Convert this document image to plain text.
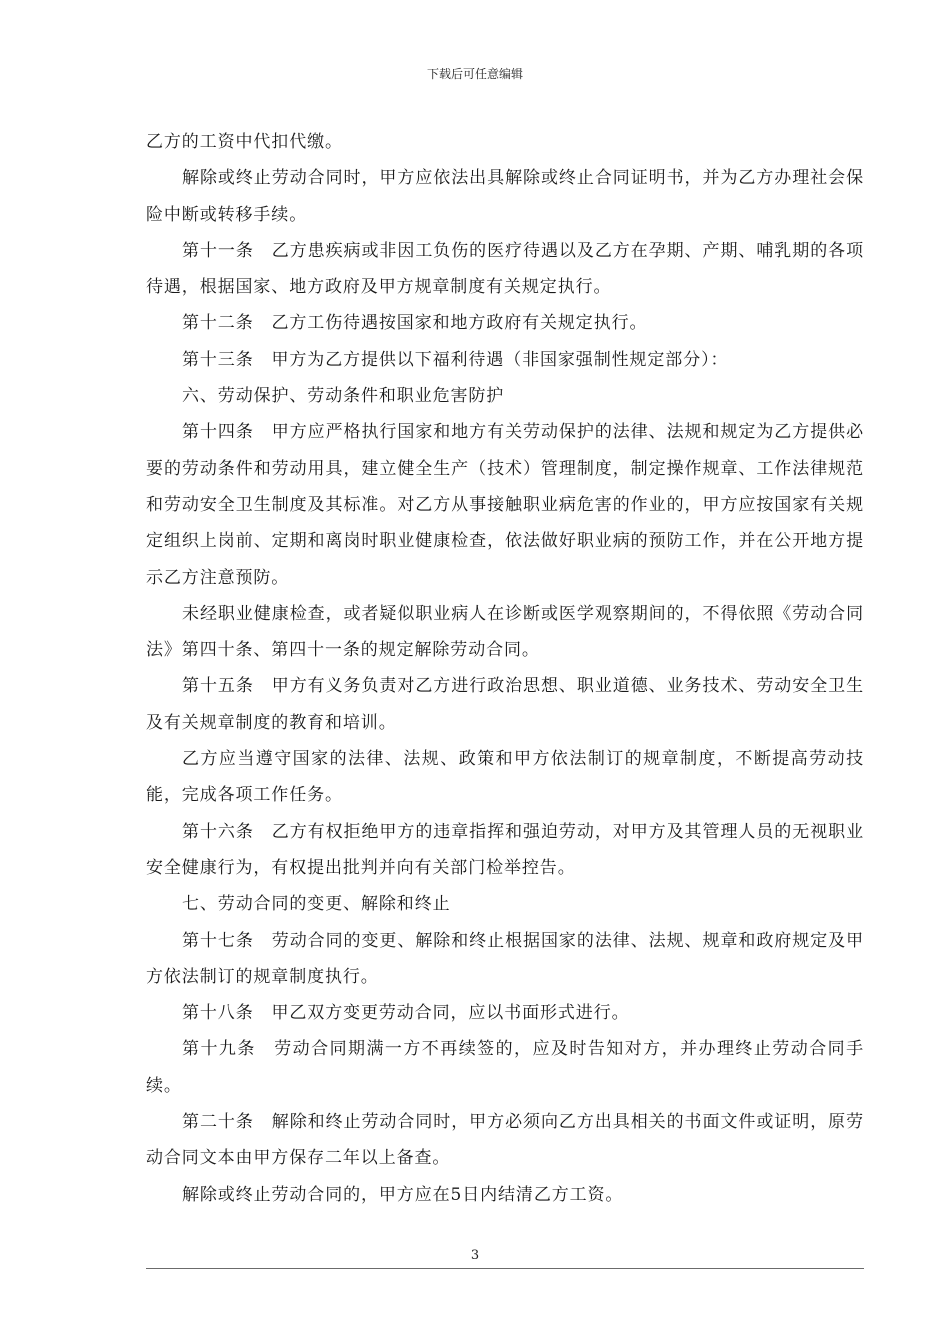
下载后可任意编辑

乙方的工资中代扣代缴。

解除或终止劳动合同时，甲方应依法出具解除或终止合同证明书，并为乙方办理社会保险中断或转移手续。

第十一条　乙方患疾病或非因工负伤的医疗待遇以及乙方在孕期、产期、哺乳期的各项待遇，根据国家、地方政府及甲方规章制度有关规定执行。

第十二条　乙方工伤待遇按国家和地方政府有关规定执行。

第十三条　甲方为乙方提供以下福利待遇（非国家强制性规定部分）：

六、劳动保护、劳动条件和职业危害防护

第十四条　甲方应严格执行国家和地方有关劳动保护的法律、法规和规定为乙方提供必要的劳动条件和劳动用具，建立健全生产（技术）管理制度，制定操作规章、工作法律规范和劳动安全卫生制度及其标准。对乙方从事接触职业病危害的作业的，甲方应按国家有关规定组织上岗前、定期和离岗时职业健康检查，依法做好职业病的预防工作，并在公开地方提示乙方注意预防。

未经职业健康检查，或者疑似职业病人在诊断或医学观察期间的，不得依照《劳动合同法》第四十条、第四十一条的规定解除劳动合同。

第十五条　甲方有义务负责对乙方进行政治思想、职业道德、业务技术、劳动安全卫生及有关规章制度的教育和培训。

乙方应当遵守国家的法律、法规、政策和甲方依法制订的规章制度，不断提高劳动技能，完成各项工作任务。

第十六条　乙方有权拒绝甲方的违章指挥和强迫劳动，对甲方及其管理人员的无视职业安全健康行为，有权提出批判并向有关部门检举控告。

七、劳动合同的变更、解除和终止

第十七条　劳动合同的变更、解除和终止根据国家的法律、法规、规章和政府规定及甲方依法制订的规章制度执行。

第十八条　甲乙双方变更劳动合同，应以书面形式进行。

第十九条　劳动合同期满一方不再续签的，应及时告知对方，并办理终止劳动合同手续。

第二十条　解除和终止劳动合同时，甲方必须向乙方出具相关的书面文件或证明，原劳动合同文本由甲方保存二年以上备查。

解除或终止劳动合同的，甲方应在5日内结清乙方工资。

3
